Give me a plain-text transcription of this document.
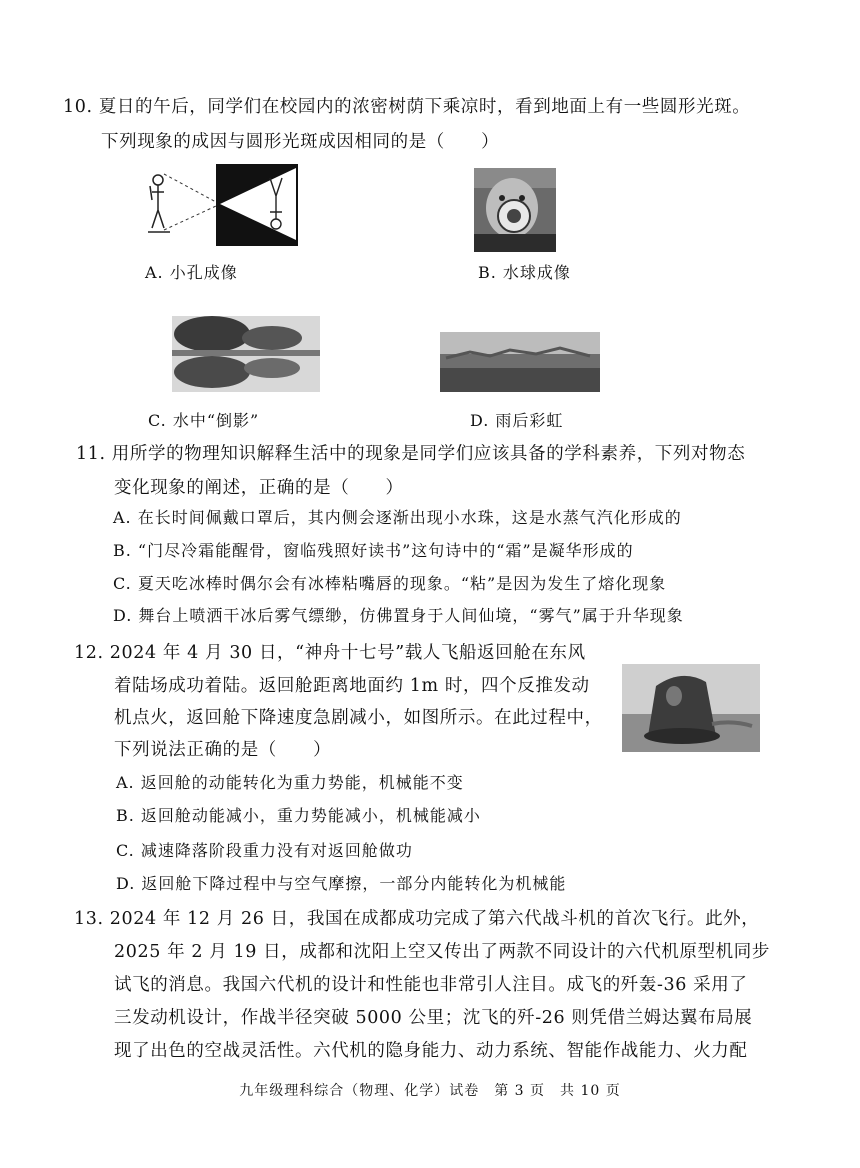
10. 夏日的午后，同学们在校园内的浓密树荫下乘凉时，看到地面上有一些圆形光斑。
下列现象的成因与圆形光斑成因相同的是（　　）
A. 小孔成像	B. 水球成像
C. 水中“倒影”	D. 雨后彩虹
11. 用所学的物理知识解释生活中的现象是同学们应该具备的学科素养，下列对物态
变化现象的阐述，正确的是（　　）
A. 在长时间佩戴口罩后，其内侧会逐渐出现小水珠，这是水蒸气汽化形成的
B. “门尽冷霜能醒骨，窗临残照好读书”这句诗中的“霜”是凝华形成的
C. 夏天吃冰棒时偶尔会有冰棒粘嘴唇的现象。“粘”是因为发生了熔化现象
D. 舞台上喷洒干冰后雾气缥缈，仿佛置身于人间仙境，“雾气”属于升华现象
12. 2024 年 4 月 30 日，“神舟十七号”载人飞船返回舱在东风
着陆场成功着陆。返回舱距离地面约 1m 时，四个反推发动
机点火，返回舱下降速度急剧减小，如图所示。在此过程中，
下列说法正确的是（　　）
A. 返回舱的动能转化为重力势能，机械能不变
B. 返回舱动能减小，重力势能减小，机械能减小
C. 减速降落阶段重力没有对返回舱做功
D. 返回舱下降过程中与空气摩擦，一部分内能转化为机械能
13. 2024 年 12 月 26 日，我国在成都成功完成了第六代战斗机的首次飞行。此外，
2025 年 2 月 19 日，成都和沈阳上空又传出了两款不同设计的六代机原型机同步
试飞的消息。我国六代机的设计和性能也非常引人注目。成飞的歼轰-36 采用了
三发动机设计，作战半径突破 5000 公里；沈飞的歼-26 则凭借兰姆达翼布局展
现了出色的空战灵活性。六代机的隐身能力、动力系统、智能作战能力、火力配
九年级理科综合（物理、化学）试卷　第 3 页　共 10 页
